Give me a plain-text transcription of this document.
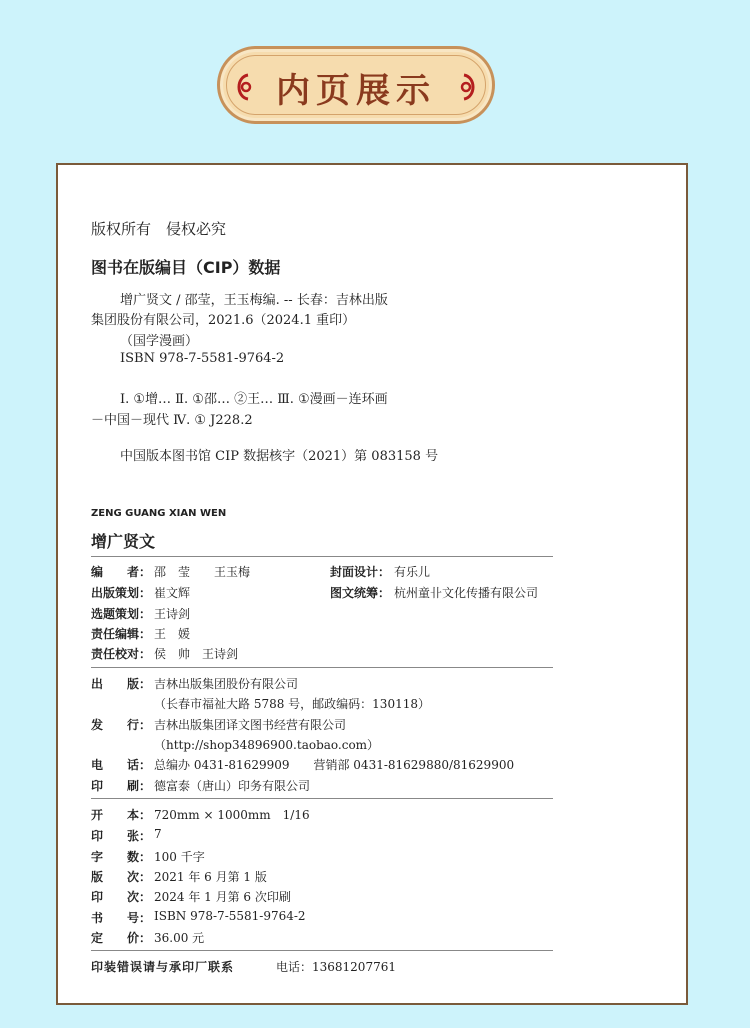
内页展示
版权所有　侵权必究
图书在版编目（CIP）数据
增广贤文 / 邵莹，王玉梅编. -- 长春：吉林出版
集团股份有限公司，2021.6（2024.1 重印）
（国学漫画）
ISBN 978-7-5581-9764-2
Ⅰ. ①增… Ⅱ. ①邵… ②王… Ⅲ. ①漫画－连环画
－中国－现代 Ⅳ. ① J228.2
中国版本图书馆 CIP 数据核字（2021）第 083158 号
ZENG GUANG XIAN WEN
增广贤文
编　　者： 邵　莹　　王玉梅
出版策划： 崔文辉
选题策划： 王诗剑
责任编辑： 王　媛
责任校对： 侯　帅　王诗剑
封面设计： 有乐儿
图文统筹： 杭州童卝文化传播有限公司
出　　版： 吉林出版集团股份有限公司
（长春市福祉大路 5788 号，邮政编码：130118）
发　　行： 吉林出版集团译文图书经营有限公司
（http://shop34896900.taobao.com）
电　　话： 总编办 0431-81629909　　营销部 0431-81629880/81629900
印　　刷： 德富泰（唐山）印务有限公司
开　　本： 720mm × 1000mm　1/16
印　　张： 7
字　　数： 100 千字
版　　次： 2021 年 6 月第 1 版
印　　次： 2024 年 1 月第 6 次印刷
书　　号： ISBN 978-7-5581-9764-2
定　　价： 36.00 元
印装错误请与承印厂联系	电话：13681207761
